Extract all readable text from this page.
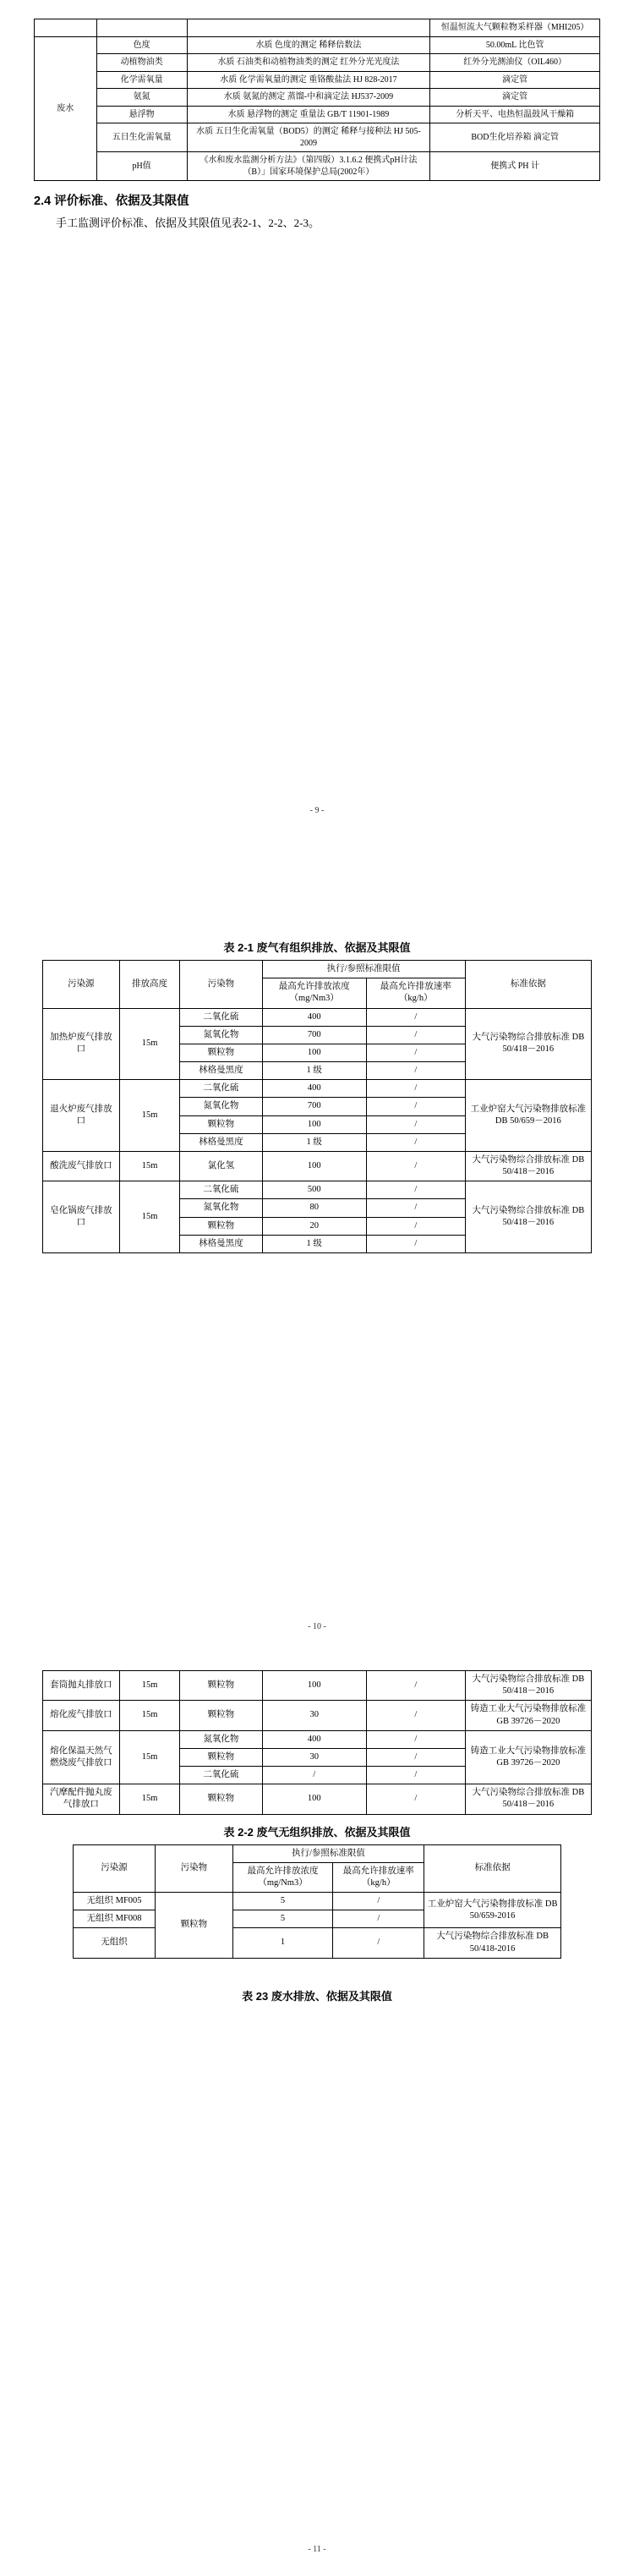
			恒温恒流大气颗粒物采样器（MHI205）
废水	色度	水质 色度的测定 稀释倍数法	50.00mL 比色管
	动植物油类	水质 石油类和动植物油类的测定 红外分光光度法	红外分光测油仪（OIL460）
	化学需氧量	水质 化学需氧量的测定 重铬酸盐法 HJ 828-2017	滴定管
	氨氮	水质 氨氮的测定 蒸馏-中和滴定法 HJ537-2009	滴定管
	悬浮物	水质 悬浮物的测定 重量法 GB/T 11901-1989	分析天平、电热恒温鼓风干燥箱
	五日生化需氧量	水质 五日生化需氧量（BOD5）的测定 稀释与接种法 HJ 505-2009	BOD生化培养箱 滴定管
	pH值	《水和废水监测分析方法》（第四版）3.1.6.2 便携式pH计法（B）」国家环境保护总局(2002年）	便携式 PH 计
2.4 评价标准、依据及其限值
手工监测评价标准、依据及其限值见表2-1、2-2、2-3。
- 9 -
表 2-1 废气有组织排放、依据及其限值
污染源	排放高度	污染物	执行/参照标准限值		标准依据
			最高允许排放浓度（mg/Nm3）	最高允许排放速率（kg/h）	
加热炉废气排放口	15m	二氧化硫	400	/	大气污染物综合排放标准 DB 50/418－2016
		氮氧化物	700	/	
		颗粒物	100	/	
		林格曼黑度	1 级	/	
退火炉废气排放口	15m	二氧化硫	400	/	工业炉窑大气污染物排放标准 DB 50/659－2016
		氮氧化物	700	/	
		颗粒物	100	/	
		林格曼黑度	1 级	/	
酸洗废气排放口	15m	氯化氢	100	/	大气污染物综合排放标准 DB 50/418－2016
皂化锅废气排放口	15m	二氧化硫	500	/	大气污染物综合排放标准 DB 50/418－2016
		氮氧化物	80	/	
		颗粒物	20	/	
		林格曼黑度	1 级	/	
- 10 -
套筒抛丸排放口	15m	颗粒物	100	/	大气污染物综合排放标准 DB 50/418－2016
熔化废气排放口	15m	颗粒物	30	/	铸造工业大气污染物排放标准 GB 39726－2020
熔化保温天然气燃烧废气排放口	15m	氮氧化物	400	/	铸造工业大气污染物排放标准 GB 39726－2020
		颗粒物	30	/	
		二氧化硫	/	/	
汽摩配件抛丸废气排放口	15m	颗粒物	100	/	大气污染物综合排放标准 DB 50/418－2016
表 2-2 废气无组织排放、依据及其限值
污染源	污染物	执行/参照标准限值		标准依据
		最高允许排放浓度（mg/Nm3）	最高允许排放速率（kg/h）	
无组织 MF005	颗粒物	5	/	工业炉窑大气污染物排放标准 DB 50/659-2016
无组织 MF008		5	/	
无组织		1	/	大气污染物综合排放标准 DB 50/418-2016
表 23 废水排放、依据及其限值
- 11 -
